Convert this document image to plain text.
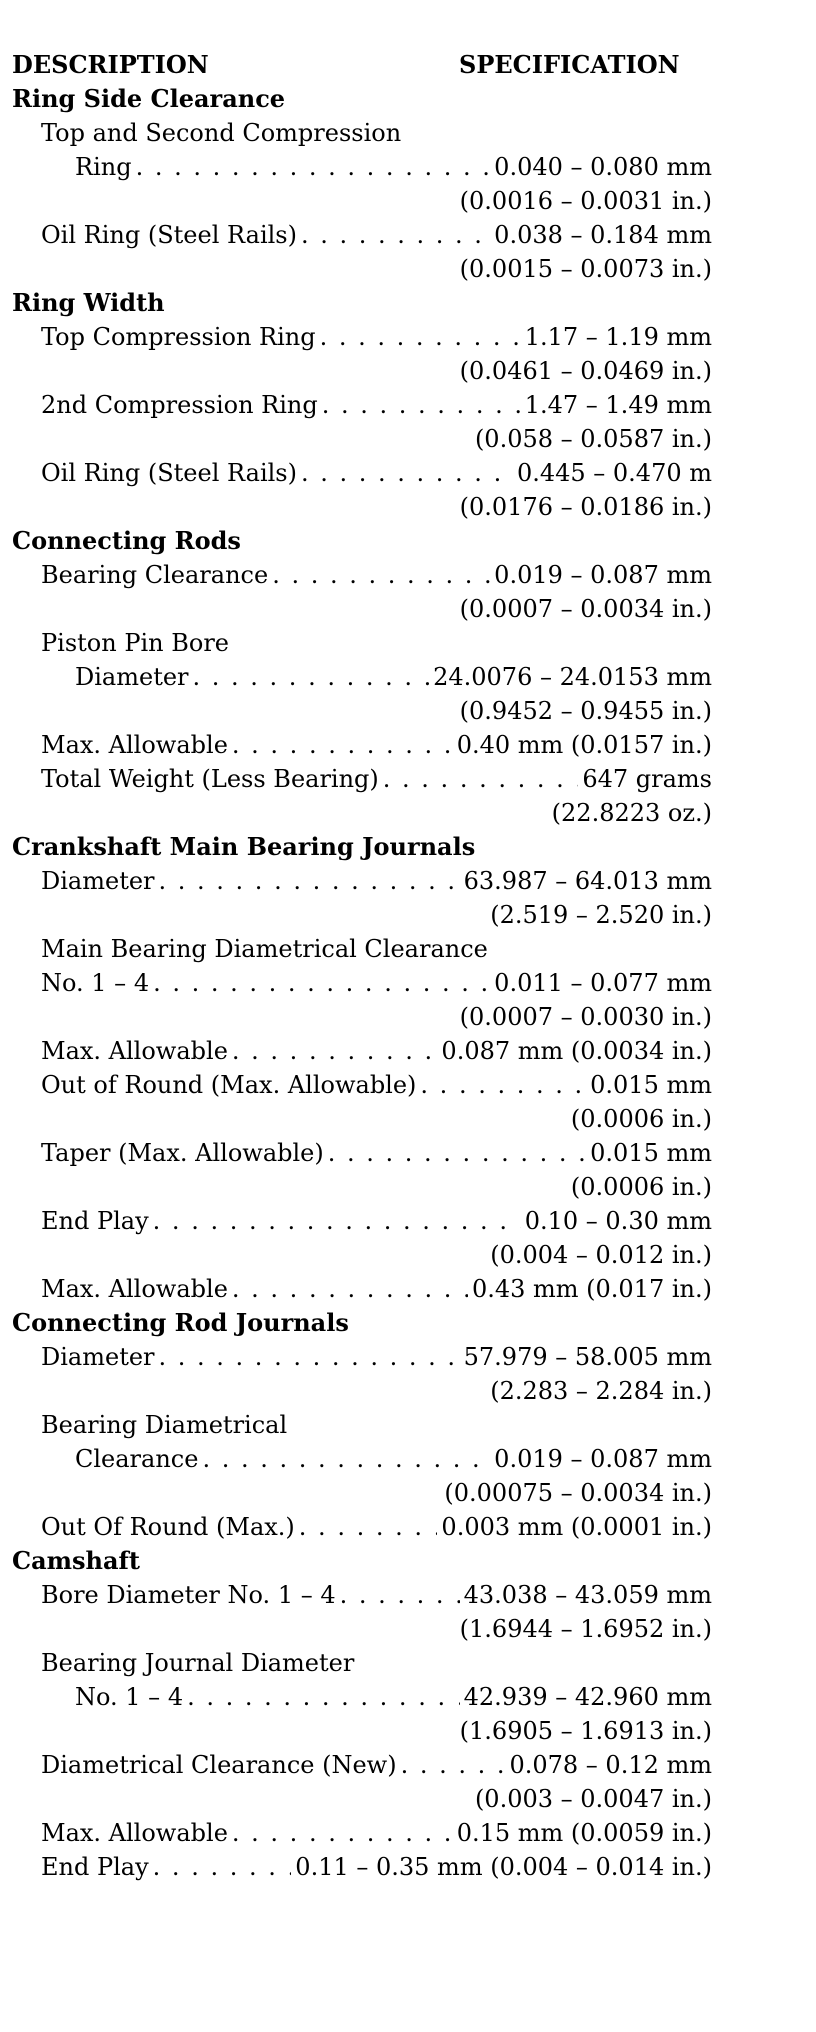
DESCRIPTION	SPECIFICATION
Ring Side Clearance
Top and Second Compression
Ring . . .	0.040 – 0.080 mm
(0.0016 – 0.0031 in.)
Oil Ring (Steel Rails) . . .	0.038 – 0.184 mm
(0.0015 – 0.0073 in.)
Ring Width
Top Compression Ring . . .	1.17 – 1.19 mm
(0.0461 – 0.0469 in.)
2nd Compression Ring . . .	1.47 – 1.49 mm
(0.058 – 0.0587 in.)
Oil Ring (Steel Rails) . . .	0.445 – 0.470 m
(0.0176 – 0.0186 in.)
Connecting Rods
Bearing Clearance . . .	0.019 – 0.087 mm
(0.0007 – 0.0034 in.)
Piston Pin Bore
Diameter . . .	24.0076 – 24.0153 mm
(0.9452 – 0.9455 in.)
Max. Allowable . . .	0.40 mm (0.0157 in.)
Total Weight (Less Bearing) . . .	647 grams
(22.8223 oz.)
Crankshaft Main Bearing Journals
Diameter . . .	63.987 – 64.013 mm
(2.519 – 2.520 in.)
Main Bearing Diametrical Clearance
No. 1 – 4 . . .	0.011 – 0.077 mm
(0.0007 – 0.0030 in.)
Max. Allowable . . .	0.087 mm (0.0034 in.)
Out of Round (Max. Allowable) . . .	0.015 mm
(0.0006 in.)
Taper (Max. Allowable) . . .	0.015 mm
(0.0006 in.)
End Play . . .	0.10 – 0.30 mm
(0.004 – 0.012 in.)
Max. Allowable . . .	0.43 mm (0.017 in.)
Connecting Rod Journals
Diameter . . .	57.979 – 58.005 mm
(2.283 – 2.284 in.)
Bearing Diametrical
Clearance . . .	0.019 – 0.087 mm
(0.00075 – 0.0034 in.)
Out Of Round (Max.) . . .	0.003 mm (0.0001 in.)
Camshaft
Bore Diameter No. 1 – 4 . . .	43.038 – 43.059 mm
(1.6944 – 1.6952 in.)
Bearing Journal Diameter
No. 1 – 4 . . .	42.939 – 42.960 mm
(1.6905 – 1.6913 in.)
Diametrical Clearance (New) . . .	0.078 – 0.12 mm
(0.003 – 0.0047 in.)
Max. Allowable . . .	0.15 mm (0.0059 in.)
End Play . . .	0.11 – 0.35 mm (0.004 – 0.014 in.)
